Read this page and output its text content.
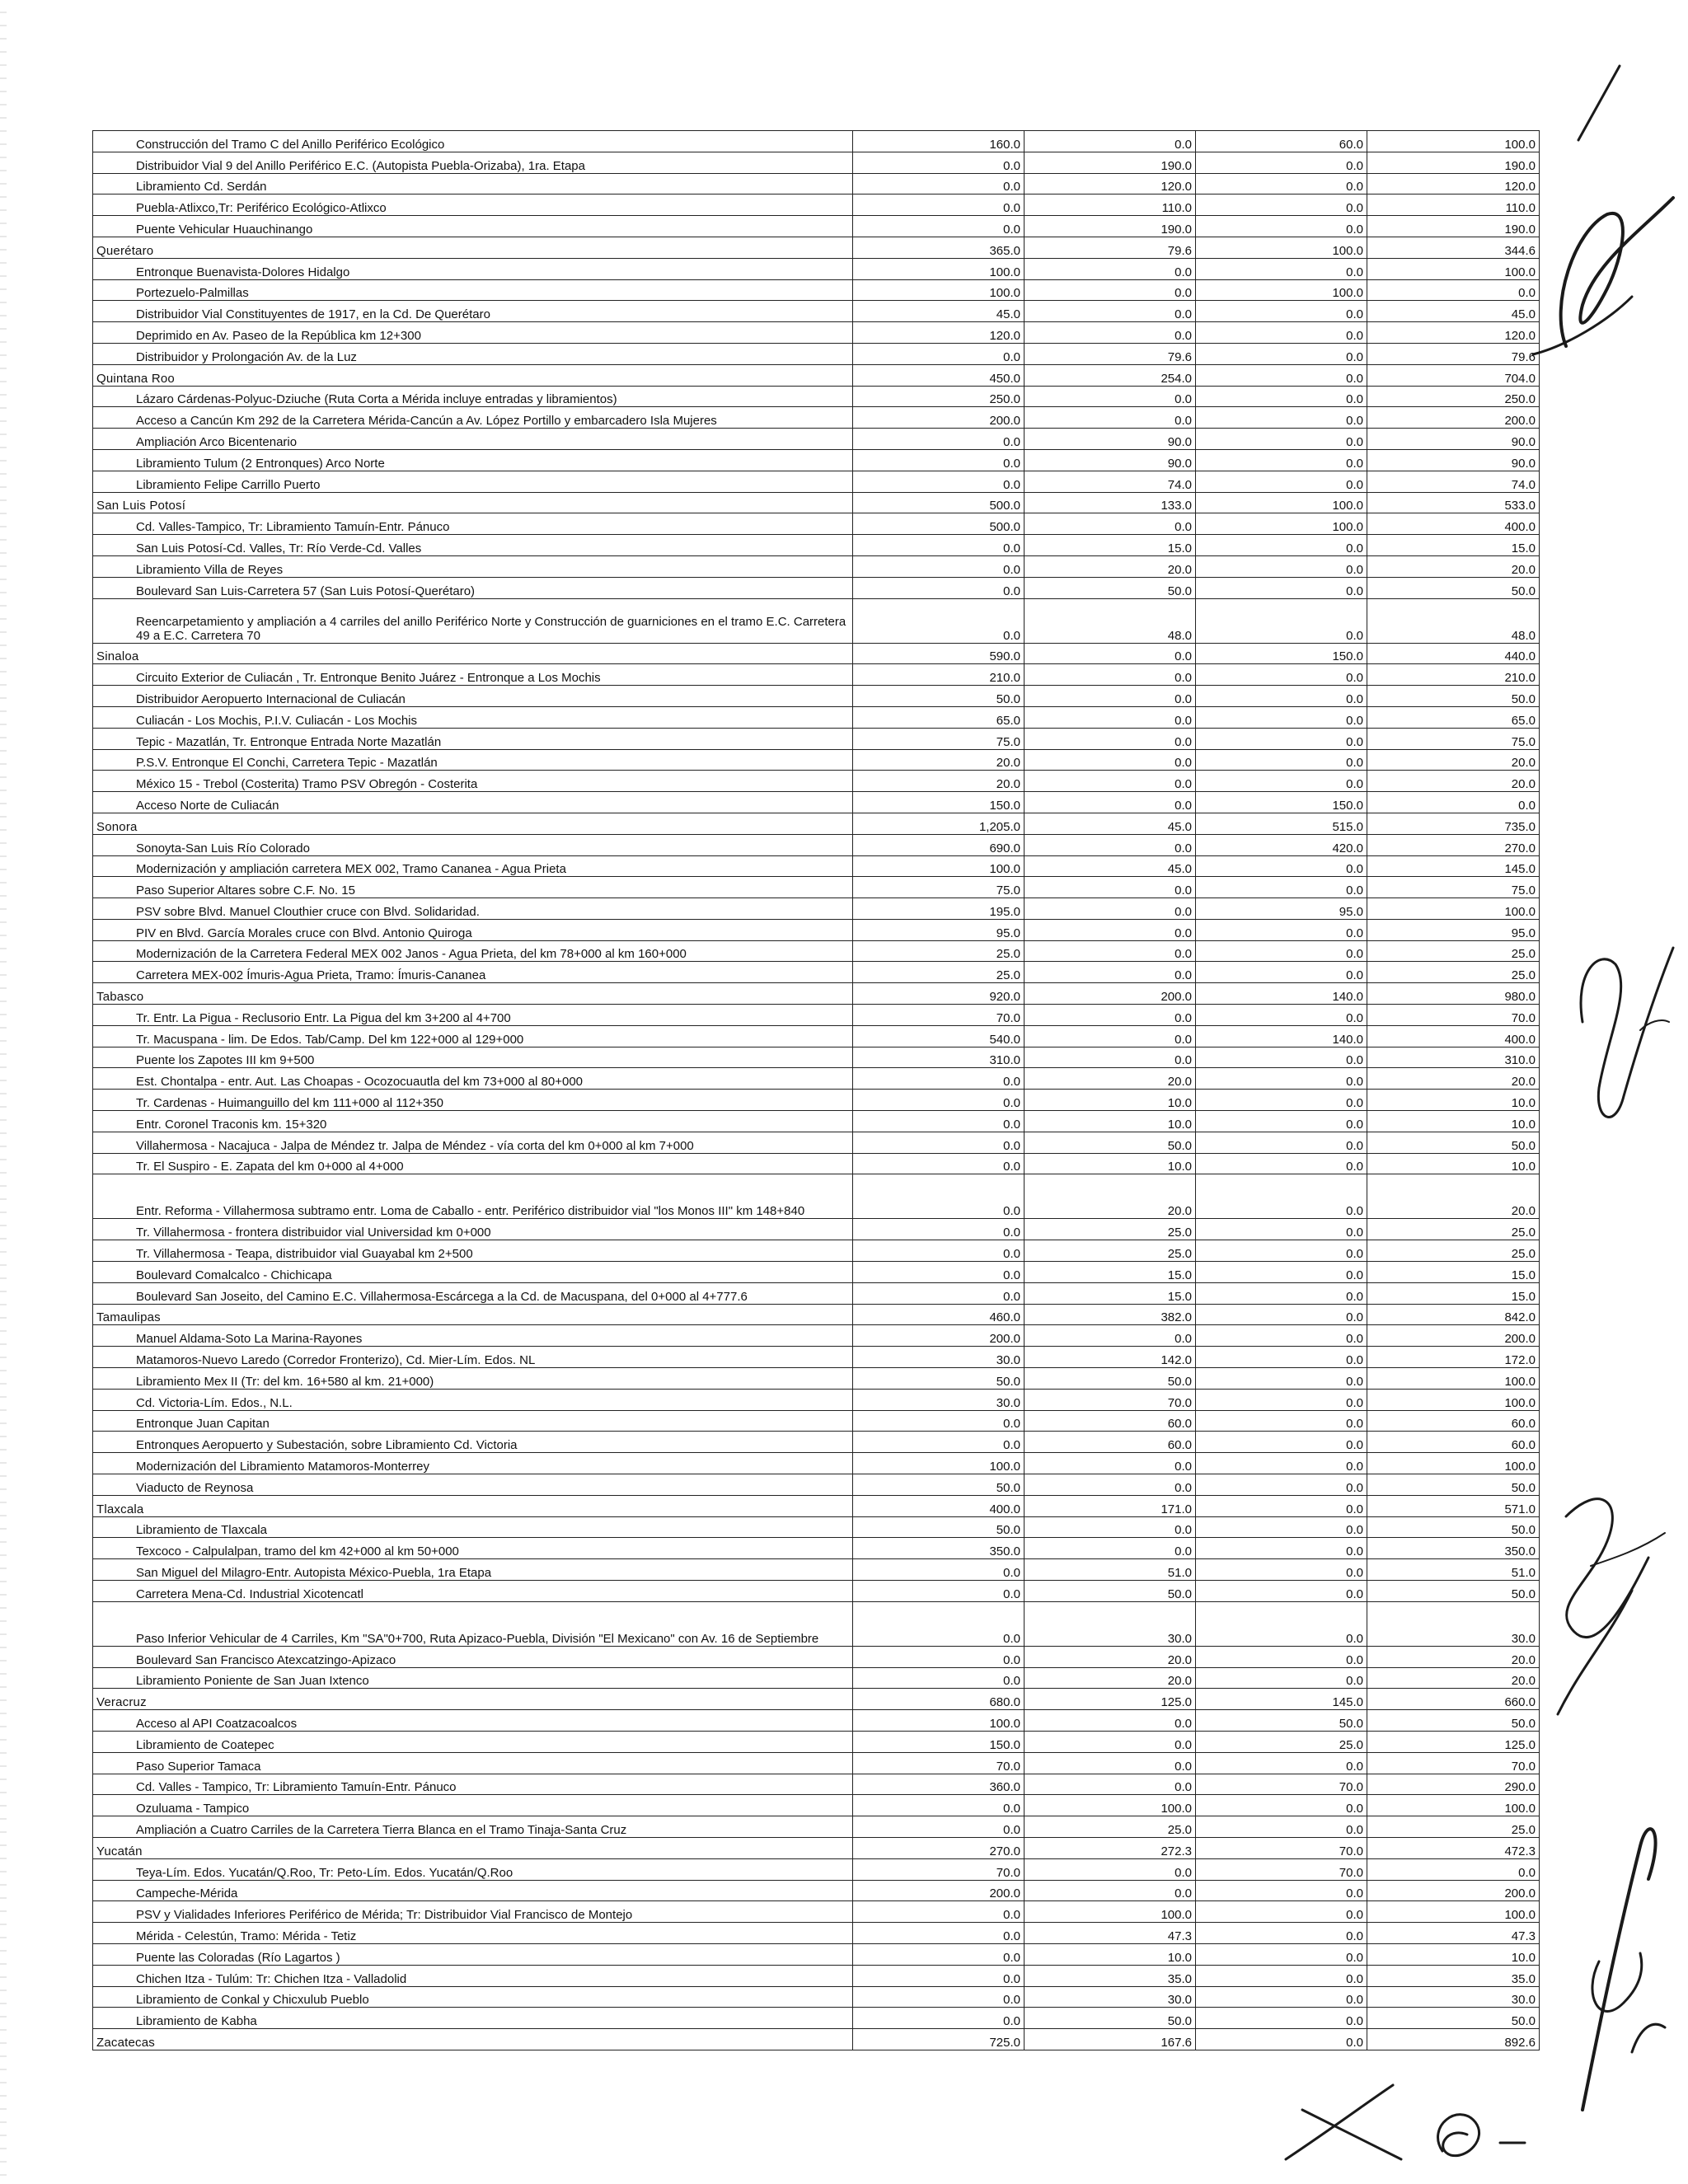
Construcción del Tramo C del Anillo Periférico Ecológico	160.0	0.0	60.0	100.0
Distribuidor Vial 9 del Anillo Periférico E.C. (Autopista Puebla-Orizaba), 1ra. Etapa	0.0	190.0	0.0	190.0
Libramiento Cd. Serdán	0.0	120.0	0.0	120.0
Puebla-Atlixco,Tr: Periférico Ecológico-Atlixco	0.0	110.0	0.0	110.0
Puente Vehicular Huauchinango	0.0	190.0	0.0	190.0
Querétaro	365.0	79.6	100.0	344.6
Entronque Buenavista-Dolores Hidalgo	100.0	0.0	0.0	100.0
Portezuelo-Palmillas	100.0	0.0	100.0	0.0
Distribuidor Vial Constituyentes de 1917, en la Cd. De Querétaro	45.0	0.0	0.0	45.0
Deprimido en Av. Paseo de la República km 12+300	120.0	0.0	0.0	120.0
Distribuidor y Prolongación Av. de la Luz	0.0	79.6	0.0	79.6
Quintana Roo	450.0	254.0	0.0	704.0
Lázaro Cárdenas-Polyuc-Dziuche (Ruta Corta a Mérida incluye entradas y libramientos)	250.0	0.0	0.0	250.0
Acceso a Cancún Km 292 de la Carretera Mérida-Cancún a Av. López Portillo y embarcadero Isla Mujeres	200.0	0.0	0.0	200.0
Ampliación Arco Bicentenario	0.0	90.0	0.0	90.0
Libramiento Tulum (2 Entronques) Arco Norte	0.0	90.0	0.0	90.0
Libramiento Felipe Carrillo Puerto	0.0	74.0	0.0	74.0
San Luis Potosí	500.0	133.0	100.0	533.0
Cd. Valles-Tampico, Tr: Libramiento Tamuín-Entr. Pánuco	500.0	0.0	100.0	400.0
San Luis Potosí-Cd. Valles, Tr: Río Verde-Cd. Valles	0.0	15.0	0.0	15.0
Libramiento Villa de Reyes	0.0	20.0	0.0	20.0
Boulevard San Luis-Carretera 57 (San Luis Potosí-Querétaro)	0.0	50.0	0.0	50.0
Reencarpetamiento y ampliación a 4 carriles del anillo Periférico Norte y Construcción de guarniciones en el tramo E.C. Carretera 49 a E.C. Carretera 70	0.0	48.0	0.0	48.0
Sinaloa	590.0	0.0	150.0	440.0
Circuito Exterior de Culiacán , Tr. Entronque Benito Juárez - Entronque a Los Mochis	210.0	0.0	0.0	210.0
Distribuidor Aeropuerto Internacional de Culiacán	50.0	0.0	0.0	50.0
Culiacán - Los Mochis, P.I.V. Culiacán - Los Mochis	65.0	0.0	0.0	65.0
Tepic - Mazatlán, Tr. Entronque Entrada Norte Mazatlán	75.0	0.0	0.0	75.0
P.S.V. Entronque El Conchi, Carretera Tepic - Mazatlán	20.0	0.0	0.0	20.0
México 15 - Trebol (Costerita) Tramo PSV Obregón - Costerita	20.0	0.0	0.0	20.0
Acceso Norte de Culiacán	150.0	0.0	150.0	0.0
Sonora	1,205.0	45.0	515.0	735.0
Sonoyta-San Luis Río Colorado	690.0	0.0	420.0	270.0
Modernización y ampliación carretera MEX 002, Tramo Cananea - Agua Prieta	100.0	45.0	0.0	145.0
Paso Superior Altares sobre C.F. No. 15	75.0	0.0	0.0	75.0
PSV sobre Blvd. Manuel Clouthier cruce con Blvd. Solidaridad.	195.0	0.0	95.0	100.0
PIV en Blvd. García Morales cruce con Blvd. Antonio Quiroga	95.0	0.0	0.0	95.0
Modernización de la Carretera Federal MEX 002 Janos - Agua Prieta, del km 78+000 al km 160+000	25.0	0.0	0.0	25.0
Carretera MEX-002 Ímuris-Agua Prieta, Tramo: Ímuris-Cananea	25.0	0.0	0.0	25.0
Tabasco	920.0	200.0	140.0	980.0
Tr. Entr. La Pigua - Reclusorio Entr. La Pigua del km 3+200 al 4+700	70.0	0.0	0.0	70.0
Tr. Macuspana - lim. De Edos. Tab/Camp. Del km 122+000 al 129+000	540.0	0.0	140.0	400.0
Puente los Zapotes III km 9+500	310.0	0.0	0.0	310.0
Est. Chontalpa - entr. Aut. Las Choapas - Ocozocuautla del km 73+000 al 80+000	0.0	20.0	0.0	20.0
Tr. Cardenas - Huimanguillo del km 111+000 al 112+350	0.0	10.0	0.0	10.0
Entr. Coronel Traconis km. 15+320	0.0	10.0	0.0	10.0
Villahermosa - Nacajuca - Jalpa de Méndez tr. Jalpa de Méndez - vía corta del km 0+000 al km 7+000	0.0	50.0	0.0	50.0
Tr. El Suspiro - E. Zapata del km 0+000 al 4+000	0.0	10.0	0.0	10.0
Entr. Reforma - Villahermosa subtramo entr. Loma de Caballo - entr. Periférico distribuidor vial "los Monos III" km 148+840	0.0	20.0	0.0	20.0
Tr. Villahermosa - frontera distribuidor vial Universidad km 0+000	0.0	25.0	0.0	25.0
Tr. Villahermosa - Teapa, distribuidor vial Guayabal km 2+500	0.0	25.0	0.0	25.0
Boulevard Comalcalco - Chichicapa	0.0	15.0	0.0	15.0
Boulevard San Joseito, del Camino E.C. Villahermosa-Escárcega a la Cd. de Macuspana, del 0+000 al 4+777.6	0.0	15.0	0.0	15.0
Tamaulipas	460.0	382.0	0.0	842.0
Manuel Aldama-Soto La Marina-Rayones	200.0	0.0	0.0	200.0
Matamoros-Nuevo Laredo (Corredor Fronterizo), Cd. Mier-Lím. Edos. NL	30.0	142.0	0.0	172.0
Libramiento Mex II (Tr: del km. 16+580 al km. 21+000)	50.0	50.0	0.0	100.0
Cd. Victoria-Lím. Edos., N.L.	30.0	70.0	0.0	100.0
Entronque Juan Capitan	0.0	60.0	0.0	60.0
Entronques Aeropuerto y Subestación, sobre Libramiento Cd. Victoria	0.0	60.0	0.0	60.0
Modernización del Libramiento Matamoros-Monterrey	100.0	0.0	0.0	100.0
Viaducto de Reynosa	50.0	0.0	0.0	50.0
Tlaxcala	400.0	171.0	0.0	571.0
Libramiento de Tlaxcala	50.0	0.0	0.0	50.0
Texcoco - Calpulalpan, tramo del km 42+000 al km 50+000	350.0	0.0	0.0	350.0
San Miguel del Milagro-Entr. Autopista México-Puebla, 1ra Etapa	0.0	51.0	0.0	51.0
Carretera Mena-Cd. Industrial Xicotencatl	0.0	50.0	0.0	50.0
Paso Inferior Vehicular de 4 Carriles, Km "SA"0+700, Ruta Apizaco-Puebla, División "El Mexicano" con Av. 16 de Septiembre	0.0	30.0	0.0	30.0
Boulevard San Francisco Atexcatzingo-Apizaco	0.0	20.0	0.0	20.0
Libramiento Poniente de San Juan Ixtenco	0.0	20.0	0.0	20.0
Veracruz	680.0	125.0	145.0	660.0
Acceso al API Coatzacoalcos	100.0	0.0	50.0	50.0
Libramiento de Coatepec	150.0	0.0	25.0	125.0
Paso Superior Tamaca	70.0	0.0	0.0	70.0
Cd. Valles - Tampico, Tr: Libramiento Tamuín-Entr. Pánuco	360.0	0.0	70.0	290.0
Ozuluama - Tampico	0.0	100.0	0.0	100.0
Ampliación a Cuatro Carriles de la Carretera Tierra Blanca en el Tramo Tinaja-Santa Cruz	0.0	25.0	0.0	25.0
Yucatán	270.0	272.3	70.0	472.3
Teya-Lím. Edos. Yucatán/Q.Roo, Tr: Peto-Lím. Edos. Yucatán/Q.Roo	70.0	0.0	70.0	0.0
Campeche-Mérida	200.0	0.0	0.0	200.0
PSV y Vialidades Inferiores Periférico de Mérida; Tr: Distribuidor Vial Francisco de Montejo	0.0	100.0	0.0	100.0
Mérida - Celestún, Tramo: Mérida - Tetiz	0.0	47.3	0.0	47.3
Puente las Coloradas (Río Lagartos )	0.0	10.0	0.0	10.0
Chichen Itza - Tulúm: Tr: Chichen Itza - Valladolid	0.0	35.0	0.0	35.0
Libramiento de Conkal y Chicxulub Pueblo	0.0	30.0	0.0	30.0
Libramiento de Kabha	0.0	50.0	0.0	50.0
Zacatecas	725.0	167.6	0.0	892.6
